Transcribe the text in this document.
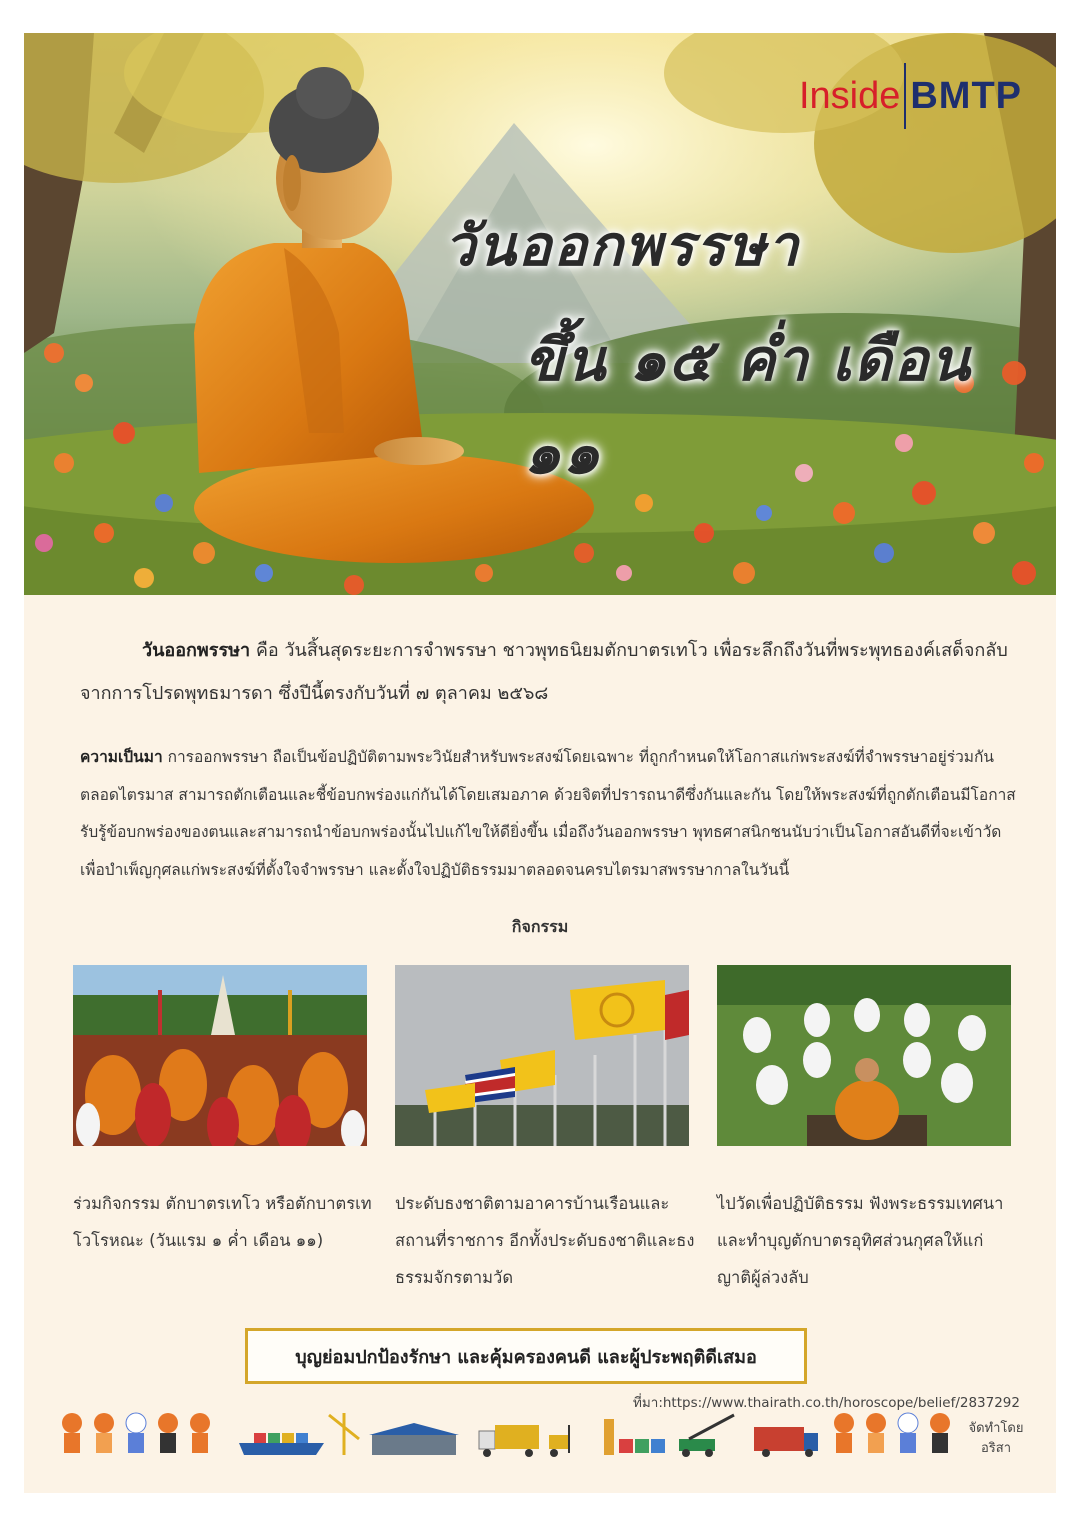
Inside BMTP
วันออกพรรษา
ขึ้น ๑๕ ค่ำ เดือน ๑๑

วันออกพรรษา คือ วันสิ้นสุดระยะการจำพรรษา ชาวพุทธนิยมตักบาตรเทโว เพื่อระลึกถึงวันที่พระพุทธองค์เสด็จกลับจากการโปรดพุทธมารดา ซึ่งปีนี้ตรงกับวันที่ ๗ ตุลาคม ๒๕๖๘

ความเป็นมา การออกพรรษา ถือเป็นข้อปฏิบัติตามพระวินัยสำหรับพระสงฆ์โดยเฉพาะ ที่ถูกกำหนดให้โอกาสแก่พระสงฆ์ที่จำพรรษาอยู่ร่วมกันตลอดไตรมาส สามารถตักเตือนและชี้ข้อบกพร่องแก่กันได้โดยเสมอภาค ด้วยจิตที่ปรารถนาดีซึ่งกันและกัน โดยให้พระสงฆ์ที่ถูกตักเตือนมีโอกาสรับรู้ข้อบกพร่องของตนและสามารถนำข้อบกพร่องนั้นไปแก้ไขให้ดียิ่งขึ้น เมื่อถึงวันออกพรรษา พุทธศาสนิกชนนับว่าเป็นโอกาสอันดีที่จะเข้าวัดเพื่อบำเพ็ญกุศลแก่พระสงฆ์ที่ตั้งใจจำพรรษา และตั้งใจปฏิบัติธรรมมาตลอดจนครบไตรมาสพรรษากาลในวันนี้

กิจกรรม

ร่วมกิจกรรม ตักบาตรเทโว หรือตักบาตรเทโวโรหณะ (วันแรม ๑ ค่ำ เดือน ๑๑)

ประดับธงชาติตามอาคารบ้านเรือนและสถานที่ราชการ อีกทั้งประดับธงชาติและธงธรรมจักรตามวัด

ไปวัดเพื่อปฏิบัติธรรม ฟังพระธรรมเทศนา และทำบุญตักบาตรอุทิศส่วนกุศลให้แก่ญาติผู้ล่วงลับ

บุญย่อมปกป้องรักษา และคุ้มครองคนดี และผู้ประพฤติดีเสมอ
ที่มา:https://www.thairath.co.th/horoscope/belief/2837292
จัดทำโดย
อริสา
